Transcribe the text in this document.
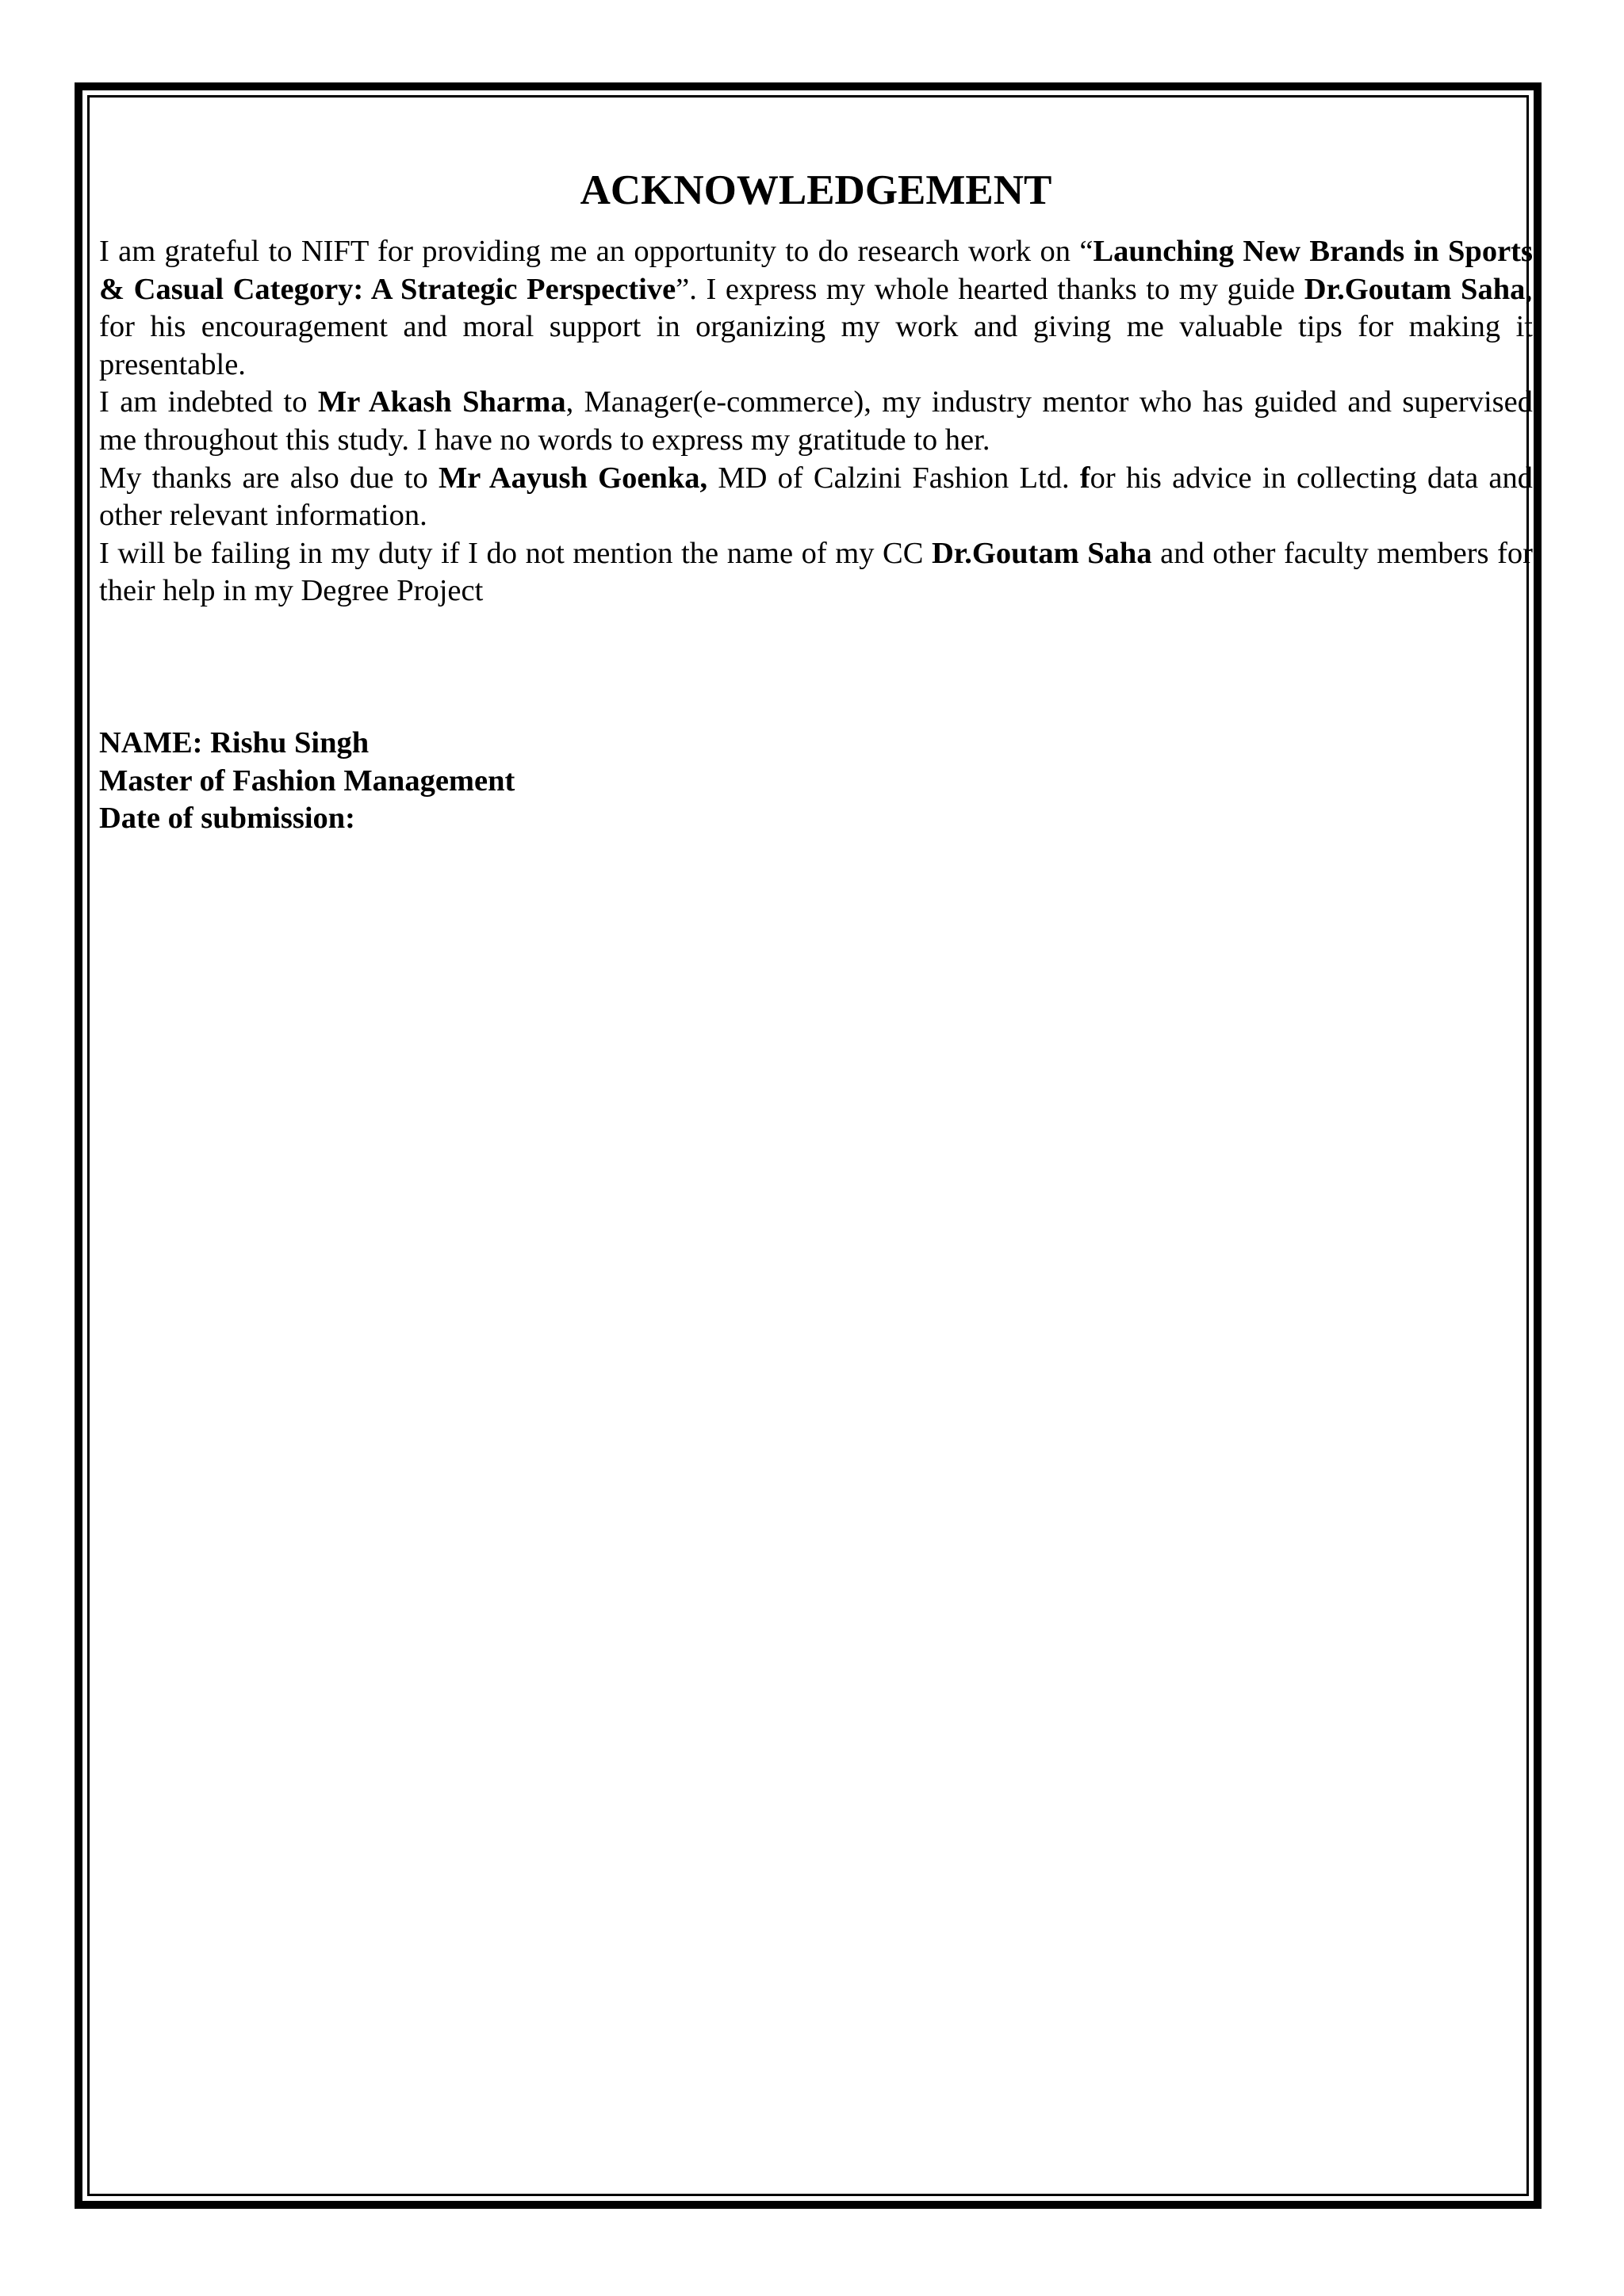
ACKNOWLEDGEMENT

I am grateful to NIFT for providing me an opportunity to do research work on “Launching New Brands in Sports & Casual Category: A Strategic Perspective”. I express my whole hearted thanks to my guide Dr.Goutam Saha, for his encouragement and moral support in organizing my work and giving me valuable tips for making it presentable.

I am indebted to Mr Akash Sharma, Manager(e-commerce), my industry mentor who has guided and supervised me throughout this study. I have no words to express my gratitude to her.

My thanks are also due to Mr Aayush Goenka, MD of Calzini Fashion Ltd. for his advice in collecting data and other relevant information.

I will be failing in my duty if I do not mention the name of my CC Dr.Goutam Saha and other faculty members for their help in my Degree Project

NAME: Rishu Singh
Master of Fashion Management
Date of submission:
